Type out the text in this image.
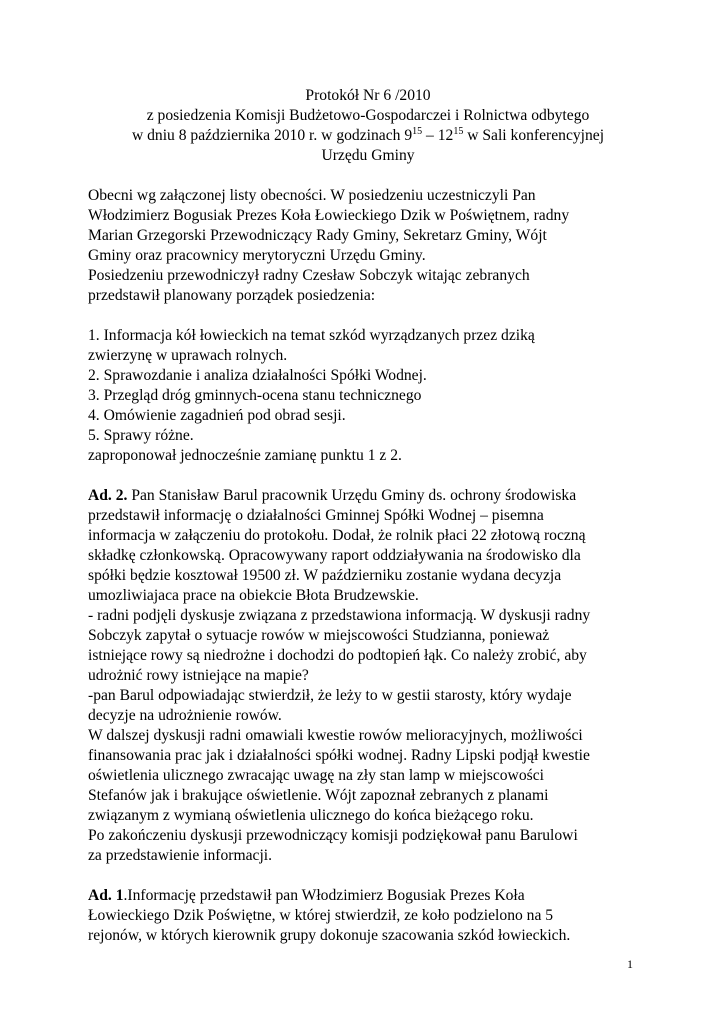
Protokół Nr 6 /2010
z posiedzenia Komisji Budżetowo-Gospodarczei i Rolnictwa odbytego
w dniu 8 października 2010 r. w godzinach $9^{15} - 12^{15}$ w Sali konferencyjnej
Urzędu Gminy
Obecni wg załączonej listy obecności. W posiedzeniu uczestniczyli Pan
Włodzimierz Bogusiak Prezes Koła Łowieckiego Dzik w Poświętnem, radny
Marian Grzegorski Przewodniczący Rady Gminy, Sekretarz Gminy, Wójt
Gminy oraz pracownicy merytoryczni Urzędu Gminy.
Posiedzeniu przewodniczył radny Czesław Sobczyk witając zebranych
przedstawił planowany porządek posiedzenia:
1. Informacja kół łowieckich na temat szkód wyrządzanych przez dziką
zwierzynę w uprawach rolnych.
2. Sprawozdanie i analiza działalności Spółki Wodnej.
3. Przegląd dróg gminnych-ocena stanu technicznego
4. Omówienie zagadnień pod obrad sesji.
5. Sprawy różne.
zaproponował jednocześnie zamianę punktu 1 z 2.
Ad. 2. Pan Stanisław Barul pracownik Urzędu Gminy ds. ochrony środowiska
przedstawił informację o działalności Gminnej Spółki Wodnej – pisemna
informacja w załączeniu do protokołu. Dodał, że rolnik płaci 22 złotową roczną
składkę członkowską. Opracowywany raport oddziaływania na środowisko dla
spółki będzie kosztował 19500 zł. W październiku zostanie wydana decyzja
umozliwiajaca prace na obiekcie Błota Brudzewskie.
- radni podjęli dyskusje związana z przedstawiona informacją. W dyskusji radny
Sobczyk zapytał o sytuacje rowów w miejscowości Studzianna, ponieważ
istniejące rowy są niedrożne i dochodzi do podtopień łąk. Co należy zrobić, aby
udrożnić rowy istniejące na mapie?
-pan Barul odpowiadając stwierdził, że leży to w gestii starosty, który wydaje
decyzje na udrożnienie rowów.
W dalszej dyskusji radni omawiali kwestie rowów melioracyjnych, możliwości
finansowania prac jak i działalności spółki wodnej. Radny Lipski podjął kwestie
oświetlenia ulicznego zwracając uwagę na zły stan lamp w miejscowości
Stefanów jak i brakujące oświetlenie. Wójt zapoznał zebranych z planami
związanym z wymianą oświetlenia ulicznego do końca bieżącego roku.
Po zakończeniu dyskusji przewodniczący komisji podziękował panu Barulowi
za przedstawienie informacji.
Ad. 1.Informację przedstawił pan Włodzimierz Bogusiak Prezes Koła
Łowieckiego Dzik Poświętne, w której stwierdził, ze koło podzielono na 5
rejonów, w których kierownik grupy dokonuje szacowania szkód łowieckich.
1
